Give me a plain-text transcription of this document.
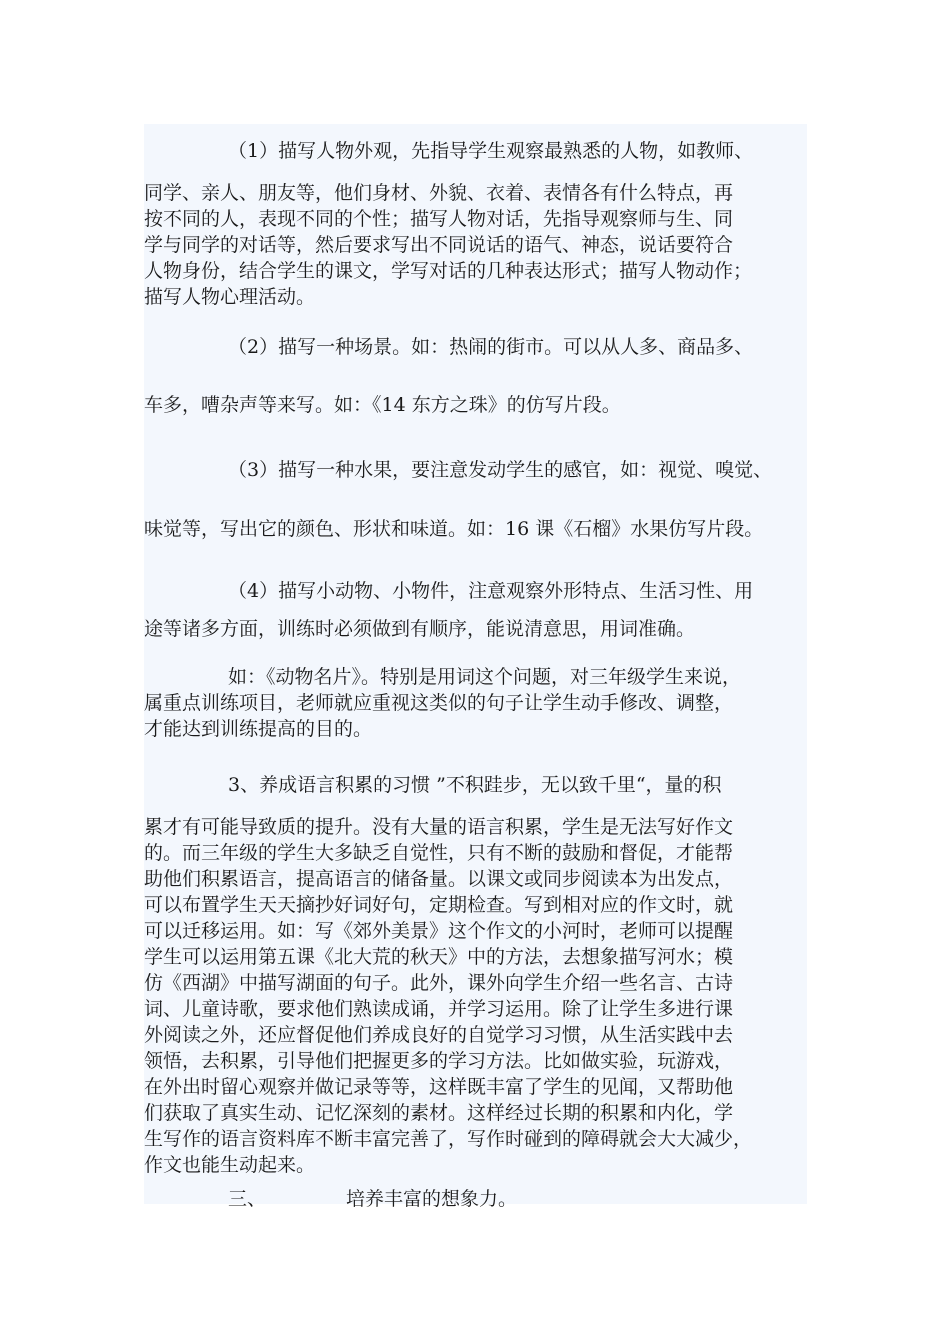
（1）描写人物外观，先指导学生观察最熟悉的人物，如教师、
同学、亲人、朋友等，他们身材、外貌、衣着、表情各有什么特点，再
按不同的人，表现不同的个性；描写人物对话，先指导观察师与生、同
学与同学的对话等，然后要求写出不同说话的语气、神态，说话要符合
人物身份，结合学生的课文，学写对话的几种表达形式；描写人物动作；
描写人物心理活动。
（2）描写一种场景。如：热闹的街市。可以从人多、商品多、
车多，嘈杂声等来写。如：《14 东方之珠》的仿写片段。
（3）描写一种水果，要注意发动学生的感官，如：视觉、嗅觉、
味觉等，写出它的颜色、形状和味道。如：16 课《石榴》水果仿写片段。
（4）描写小动物、小物件，注意观察外形特点、生活习性、用
途等诸多方面，训练时必须做到有顺序，能说清意思，用词准确。
如：《动物名片》。特别是用词这个问题，对三年级学生来说，
属重点训练项目，老师就应重视这类似的句子让学生动手修改、调整，
才能达到训练提高的目的。
3、养成语言积累的习惯 ”不积跬步，无以致千里“，量的积
累才有可能导致质的提升。没有大量的语言积累，学生是无法写好作文
的。而三年级的学生大多缺乏自觉性，只有不断的鼓励和督促，才能帮
助他们积累语言，提高语言的储备量。以课文或同步阅读本为出发点，
可以布置学生天天摘抄好词好句，定期检查。写到相对应的作文时，就
可以迁移运用。如：写《郊外美景》这个作文的小河时，老师可以提醒
学生可以运用第五课《北大荒的秋天》中的方法，去想象描写河水；模
仿《西湖》中描写湖面的句子。此外，课外向学生介绍一些名言、古诗
词、儿童诗歌，要求他们熟读成诵，并学习运用。除了让学生多进行课
外阅读之外，还应督促他们养成良好的自觉学习习惯，从生活实践中去
领悟，去积累，引导他们把握更多的学习方法。比如做实验，玩游戏，
在外出时留心观察并做记录等等，这样既丰富了学生的见闻，又帮助他
们获取了真实生动、记忆深刻的素材。这样经过长期的积累和内化，学
生写作的语言资料库不断丰富完善了，写作时碰到的障碍就会大大减少，
作文也能生动起来。
三、	培养丰富的想象力。
